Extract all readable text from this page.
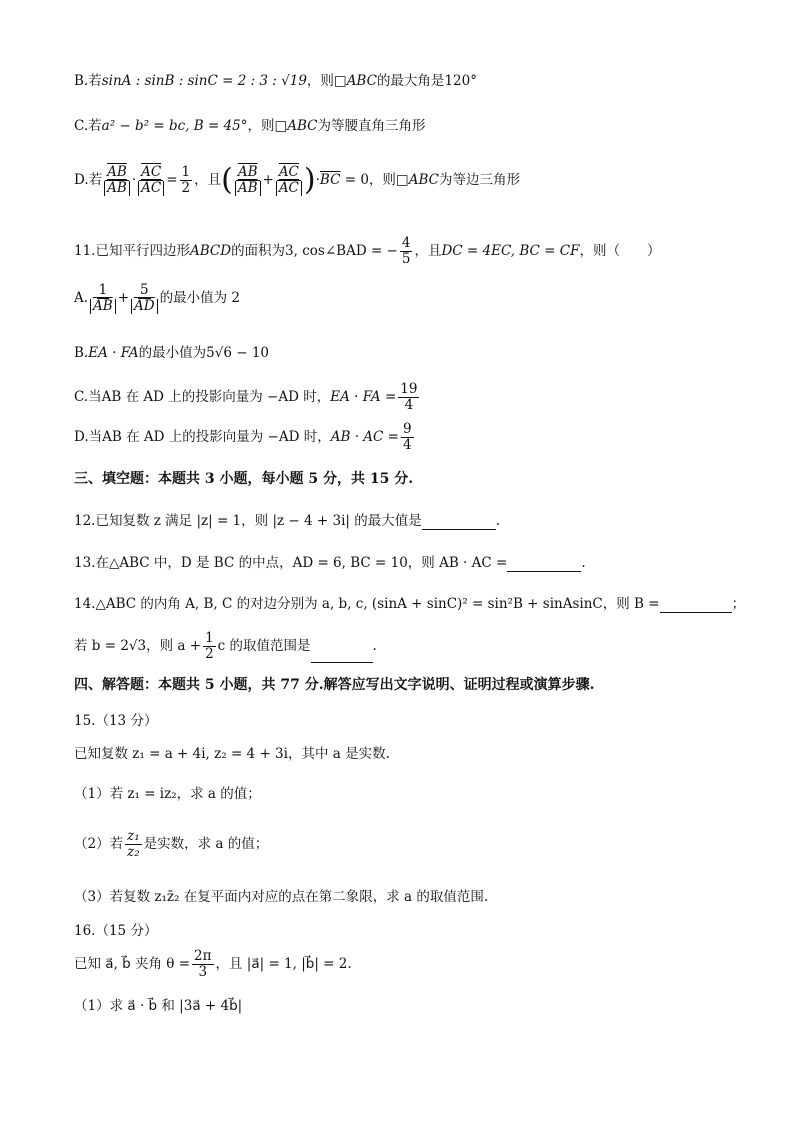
B.若sinA : sinB : sinC = 2 : 3 : √19，则□ABC的最大角是120°
C.若a² − b² = bc, B = 45°，则□ABC为等腰直角三角形
D.若 $\frac{\overline{AB}}{AB} \cdot \frac{\overline{AC}}{AC} = \frac{1}{2}$ ，且( $\frac{\overline{AB}}{AB} + \frac{\overline{AC}}{AC} )\cdot\overline{BC} = 0$，则□ABC为等边三角形
11.已知平行四边形ABCD的面积为3, cos∠BAD = − $\frac{4}{5}$ ，且DC = 4EC, BC = CF，则（　　）
A. $\frac{1}{AB} + \frac{5}{AD}$ 的最小值为 2
B.EA · FA的最小值为5√6 − 10
C.当AB 在 AD 上的投影向量为 −AD 时，EA · FA = $\frac{19}{4}$
D.当AB 在 AD 上的投影向量为 −AD 时，AB · AC = $\frac{9}{4}$
三、填空题：本题共 3 小题，每小题 5 分，共 15 分.
12.已知复数 z 满足 |z| = 1，则 |z − 4 + 3i| 的最大值是	.
13.在△ABC 中，D 是 BC 的中点，AD = 6, BC = 10，则 AB · AC =	.
14.△ABC 的内角 A, B, C 的对边分别为 a, b, c, (sinA + sinC)² = sin²B + sinAsinC，则 B =	；
若 b = 2√3，则 $a + \frac{1}{2}$ c 的取值范围是	.
四、解答题：本题共 5 小题，共 77 分.解答应写出文字说明、证明过程或演算步骤.
15.（13 分）
已知复数 z₁ = a + 4i, z₂ = 4 + 3i，其中 a 是实数.
（1）若 z₁ = iz₂，求 a 的值；
（2）若 $\frac{\text{z₁}}{\text{z₂}}$ 是实数，求 a 的值；
（3）若复数 z₁z̄₂ 在复平面内对应的点在第二象限，求 a 的取值范围.
16.（15 分）
已知 a⃗, b⃗ 夹角 $\theta = \frac{2\pi}{3}$ ，且 |a⃗| = 1, |b⃗| = 2.
（1）求 a⃗ · b⃗ 和 |3a⃗ + 4b⃗|
